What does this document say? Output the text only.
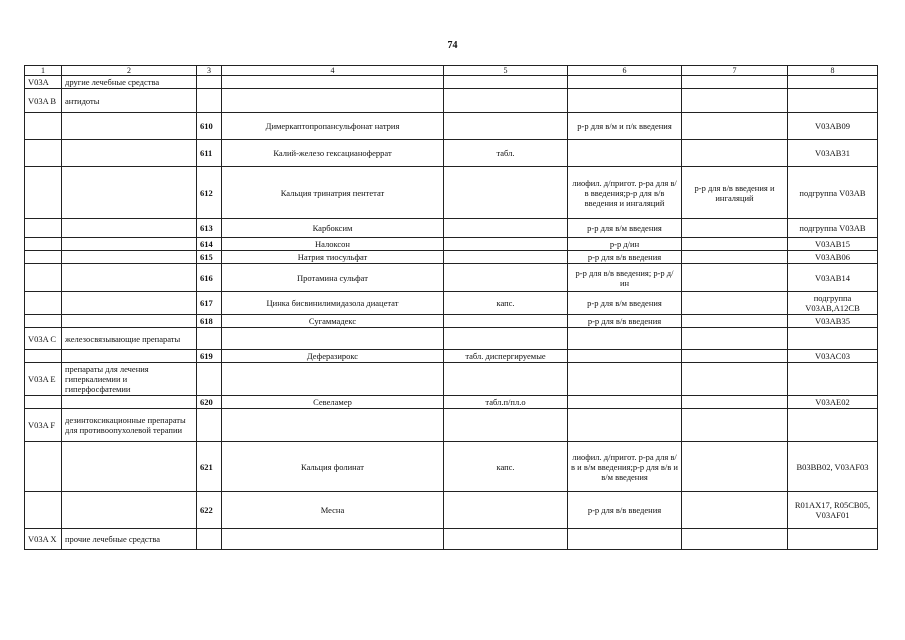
74
1	2	3	4	5	6	7	8
V03A	другие лечебные средства						
V03A B	антидоты						
		610	Димеркаптопропансульфонат натрия		р-р для в/м и п/к введения		V03AB09
		611	Калий-железо гексацианоферрат	табл.			V03AB31
		612	Кальция тринатрия пентетат		лиофил. д/пригот. р-ра для в/в введения;р-р для в/в введения и ингаляций	р-р для в/в введения и ингаляций	подгруппа V03AB
		613	Карбоксим		р-р для в/м введения		подгруппа V03AB
		614	Налоксон		р-р д/ин		V03AB15
		615	Натрия тиосульфат		р-р для в/в введения		V03AB06
		616	Протамина сульфат		р-р для в/в введения; р-р д/ин		V03AB14
		617	Цинка бисвинилимидазола диацетат	капс.	р-р для в/м введения		подгруппа V03AB,A12CB
		618	Сугаммадекс		р-р для в/в введения		V03AB35
V03A C	железосвязывающие препараты						
		619	Деферазирокс	табл. диспергируемые			V03AC03
V03A E	препараты для лечения гиперкалиемии и гиперфосфатемии						
		620	Севеламер	табл.п/пл.о			V03AE02
V03A F	дезинтоксикационные препараты для противоопухолевой терапии						
		621	Кальция фолинат	капс.	лиофил. д/пригот. р-ра для в/в и в/м введения;р-р для в/в и в/м введения		B03BB02, V03AF03
		622	Месна		р-р для в/в введения		R01AX17, R05CB05, V03AF01
V03A X	прочие лечебные средства						
